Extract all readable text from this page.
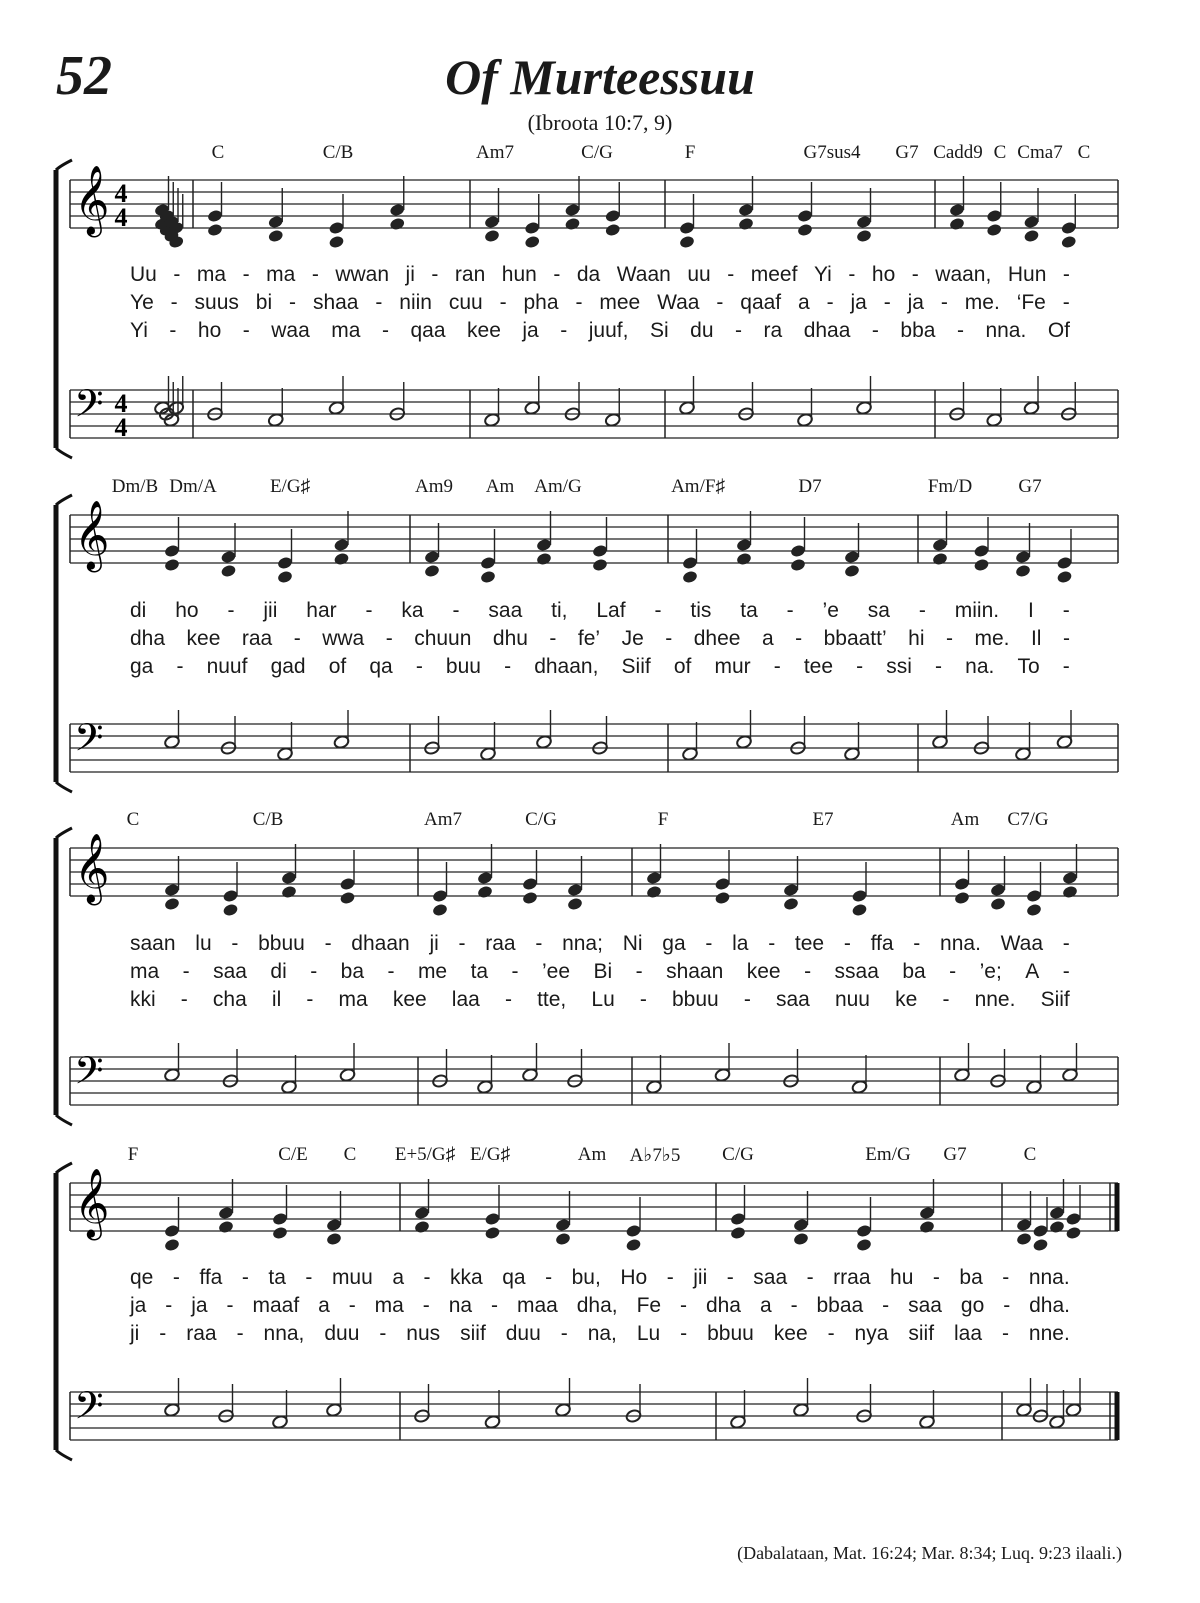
52	Of Murteessuu
(Ibroota 10:7, 9)
𝄞 4
4
𝄢 4
4
𝄞
𝄢
𝄞
𝄢
𝄞
𝄢
C	C/B	Am7	C/G	F	G7sus4 G7 Cadd9 C Cma7 C
Uu - ma - ma - wwan ji - ran hun - da Waan uu - meef Yi - ho - waan, Hun -
Ye - suus bi - shaa - niin cuu - pha - mee Waa - qaaf a - ja - ja - me. ‘Fe -
Yi - ho - waa ma - qaa kee ja - juuf, Si du - ra dhaa - bba - nna. Of
Dm/B Dm/A	E/G♯	Am9 Am Am/G	Am/F♯	D7	Fm/D G7
di ho - jii har - ka - saa ti, Laf - tis ta - ’e sa - miin. I -
dha kee raa - wwa - chuun dhu - fe’ Je - dhee a - bbaatt’ hi - me. Il -
ga - nuuf gad of qa - buu - dhaan, Siif of mur - tee - ssi - na. To -
C	C/B	Am7	C/G	F	E7	Am C7/G
saan lu - bbuu - dhaan ji - raa - nna; Ni ga - la - tee - ffa - nna. Waa -
ma - saa di - ba - me ta - ’ee Bi - shaan kee - ssaa ba - ’e; A -
kki - cha il - ma kee laa - tte, Lu - bbuu - saa nuu ke - nne. Siif
F	C/E C E+5/G♯ E/G♯	Am A♭7♭5 C/G	Em/G G7	C
qe - ffa - ta - muu a - kka qa - bu, Ho - jii - saa - rraa hu - ba - nna.
ja - ja - maaf a - ma - na - maa dha, Fe - dha a - bbaa - saa go - dha.
ji - raa - nna, duu - nus siif duu - na, Lu - bbuu kee - nya siif laa - nne.
(Dabalataan, Mat. 16:24; Mar. 8:34; Luq. 9:23 ilaali.)
